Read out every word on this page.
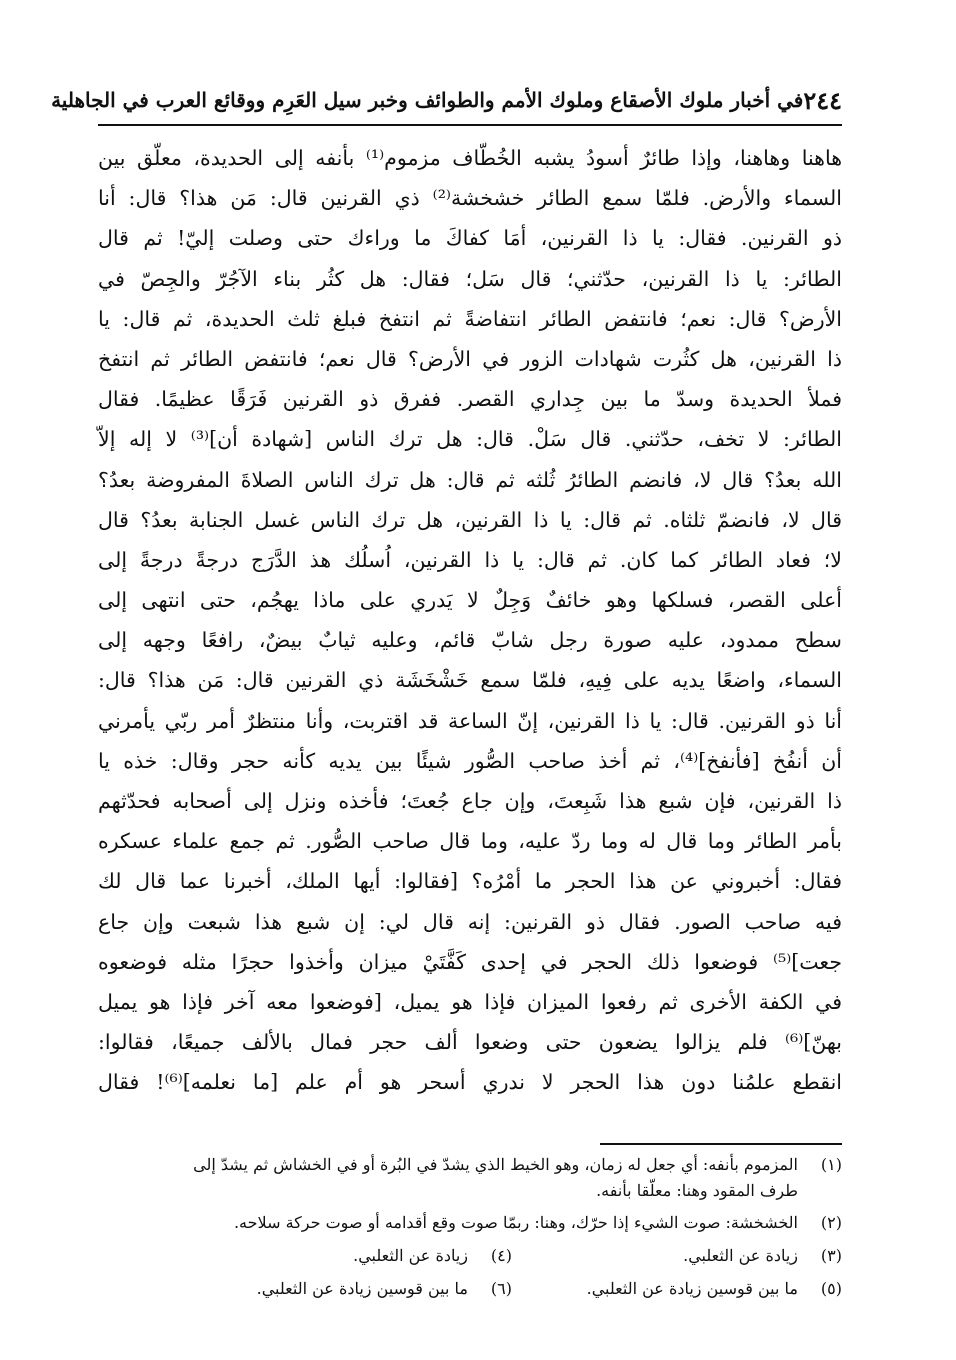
٢٤٤
في أخبار ملوك الأصقاع وملوك الأمم والطوائف وخبر سيل العَرِم ووقائع العرب في الجاهلية
هاهنا وهاهنا، وإذا طائرٌ أسودُ يشبه الخُطّاف مزموم⁽¹⁾ بأنفه إلى الحديدة، معلّق بين
السماء والأرض. فلمّا سمع الطائر خشخشة⁽²⁾ ذي القرنين قال: مَن هذا؟ قال: أنا
ذو القرنين. فقال: يا ذا القرنين، أمَا كفاكَ ما وراءك حتى وصلت إليّ! ثم قال
الطائر: يا ذا القرنين، حدّثني؛ قال سَل؛ فقال: هل كثُر بناء الآجُرّ والجِصّ في
الأرض؟ قال: نعم؛ فانتفض الطائر انتفاضةً ثم انتفخ فبلغ ثلث الحديدة، ثم قال: يا
ذا القرنين، هل كثُرت شهادات الزور في الأرض؟ قال نعم؛ فانتفض الطائر ثم انتفخ
فملأ الحديدة وسدّ ما بين جِداري القصر. ففرق ذو القرنين فَرَقًا عظيمًا. فقال
الطائر: لا تخف، حدّثني. قال سَلْ. قال: هل ترك الناس [شهادة أن]⁽³⁾ لا إله إلاّ
الله بعدُ؟ قال لا، فانضم الطائرُ ثُلثه ثم قال: هل ترك الناس الصلاةَ المفروضة بعدُ؟
قال لا، فانضمّ ثلثاه. ثم قال: يا ذا القرنين، هل ترك الناس غسل الجنابة بعدُ؟ قال
لا؛ فعاد الطائر كما كان. ثم قال: يا ذا القرنين، اُسلُك هذ الدَّرَج درجةً درجةً إلى
أعلى القصر، فسلكها وهو خائفٌ وَجِلٌ لا يَدري على ماذا يهجُم، حتى انتهى إلى
سطح ممدود، عليه صورة رجل شابّ قائم، وعليه ثيابٌ بيضٌ، رافعًا وجهه إلى
السماء، واضعًا يديه على فِيهِ، فلمّا سمع خَشْخَشَة ذي القرنين قال: مَن هذا؟ قال:
أنا ذو القرنين. قال: يا ذا القرنين، إنّ الساعة قد اقتربت، وأنا منتظرٌ أمر ربّي يأمرني
أن أنفُخ [فأنفخ]⁽⁴⁾، ثم أخذ صاحب الصُّور شيئًا بين يديه كأنه حجر وقال: خذه يا
ذا القرنين، فإن شبع هذا شَبِعتَ، وإن جاع جُعتَ؛ فأخذه ونزل إلى أصحابه فحدّثهم
بأمر الطائر وما قال له وما ردّ عليه، وما قال صاحب الصُّور. ثم جمع علماء عسكره
فقال: أخبروني عن هذا الحجر ما أمْرُه؟ [فقالوا: أيها الملك، أخبرنا عما قال لك
فيه صاحب الصور. فقال ذو القرنين: إنه قال لي: إن شبع هذا شبعت وإن جاع
جعت]⁽⁵⁾ فوضعوا ذلك الحجر في إحدى كَفَّتَيْ ميزان وأخذوا حجرًا مثله فوضعوه
في الكفة الأخرى ثم رفعوا الميزان فإذا هو يميل، [فوضعوا معه آخر فإذا هو يميل
بهنّ]⁽⁶⁾ فلم يزالوا يضعون حتى وضعوا ألف حجر فمال بالألف جميعًا، فقالوا:
انقطع علمُنا دون هذا الحجر لا ندري أسحر هو أم علم [ما نعلمه]⁽⁶⁾! فقال
(١)
المزموم بأنفه: أي جعل له زمان، وهو الخيط الذي يشدّ في البُرة أو في الخشاش ثم يشدّ إلى
طرف المقود وهنا: معلّقا بأنفه.
(٢)
الخشخشة: صوت الشيء إذا حرّك، وهنا: ربمّا صوت وقع أقدامه أو صوت حركة سلاحه.
(٣)
زيادة عن الثعلبي.
(٤)
زيادة عن الثعلبي.
(٥)
ما بين قوسين زيادة عن الثعلبي.
(٦)
ما بين قوسين زيادة عن الثعلبي.
